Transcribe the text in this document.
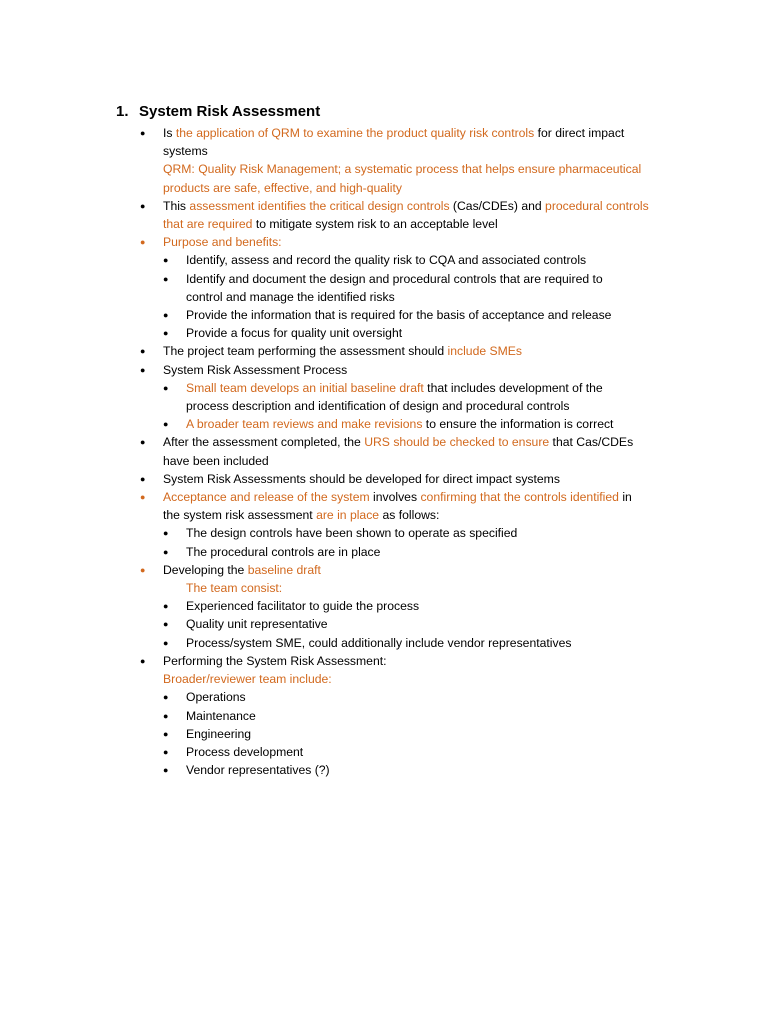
1. System Risk Assessment
● Is the application of QRM to examine the product quality risk controls for direct impact
systems
QRM: Quality Risk Management; a systematic process that helps ensure pharmaceutical
products are safe, effective, and high-quality
● This assessment identifies the critical design controls (Cas/CDEs) and procedural controls
that are required to mitigate system risk to an acceptable level
● Purpose and benefits:
● Identify, assess and record the quality risk to CQA and associated controls
● Identify and document the design and procedural controls that are required to
control and manage the identified risks
● Provide the information that is required for the basis of acceptance and release
● Provide a focus for quality unit oversight
● The project team performing the assessment should include SMEs
● System Risk Assessment Process
● Small team develops an initial baseline draft that includes development of the
process description and identification of design and procedural controls
● A broader team reviews and make revisions to ensure the information is correct
● After the assessment completed, the URS should be checked to ensure that Cas/CDEs
have been included
● System Risk Assessments should be developed for direct impact systems
● Acceptance and release of the system involves confirming that the controls identified in
the system risk assessment are in place as follows:
● The design controls have been shown to operate as specified
● The procedural controls are in place
● Developing the baseline draft
The team consist:
● Experienced facilitator to guide the process
● Quality unit representative
● Process/system SME, could additionally include vendor representatives
● Performing the System Risk Assessment:
Broader/reviewer team include:
● Operations
● Maintenance
● Engineering
● Process development
● Vendor representatives (?)
